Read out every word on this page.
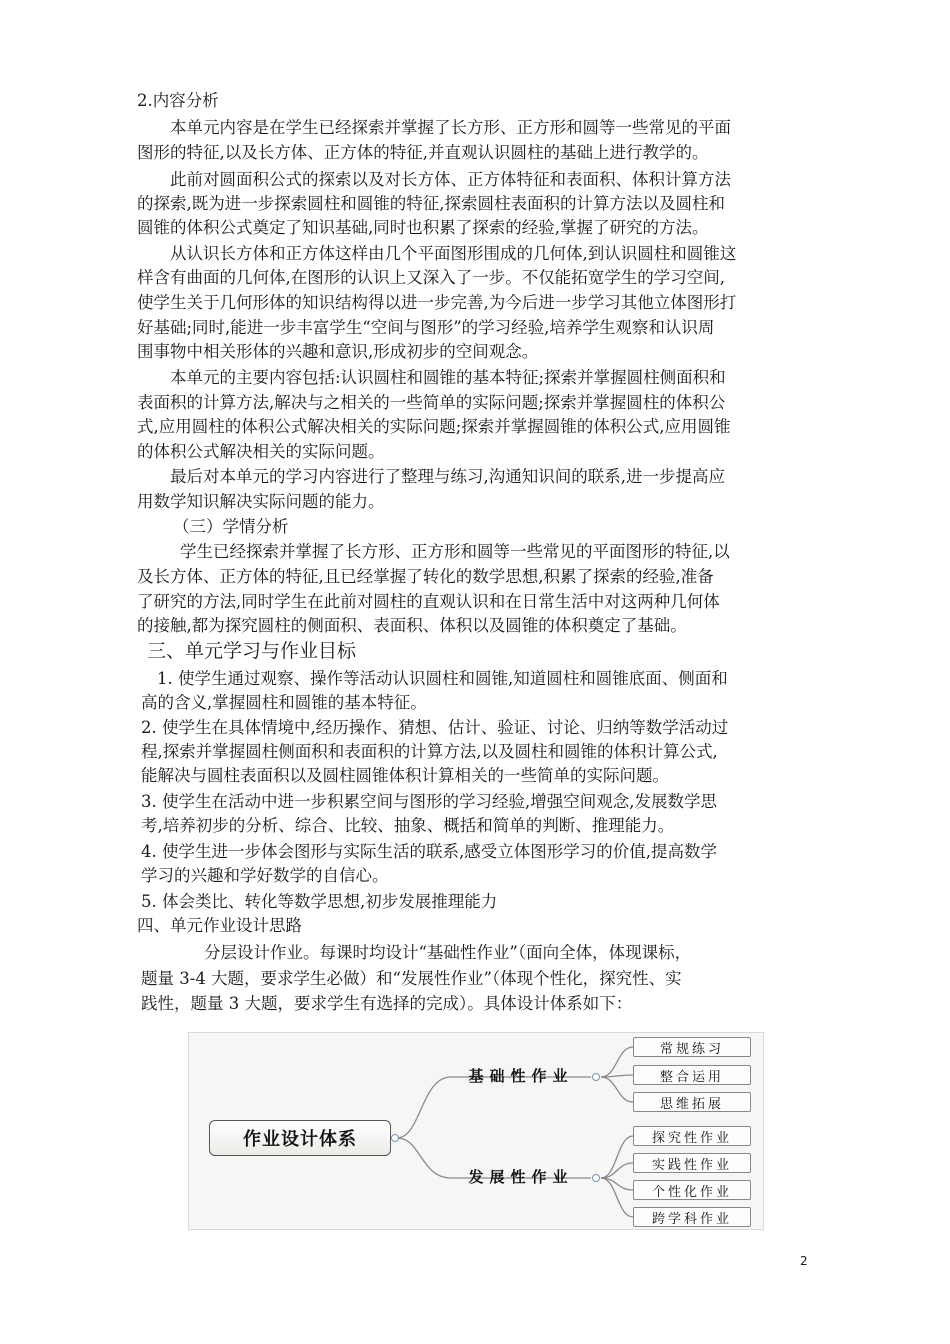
2.内容分析
本单元内容是在学生已经探索并掌握了长方形、正方形和圆等一些常见的平面
图形的特征,以及长方体、正方体的特征,并直观认识圆柱的基础上进行教学的。
此前对圆面积公式的探索以及对长方体、正方体特征和表面积、体积计算方法
的探索,既为进一步探索圆柱和圆锥的特征,探索圆柱表面积的计算方法以及圆柱和
圆锥的体积公式奠定了知识基础,同时也积累了探索的经验,掌握了研究的方法。
从认识长方体和正方体这样由几个平面图形围成的几何体,到认识圆柱和圆锥这
样含有曲面的几何体,在图形的认识上又深入了一步。不仅能拓宽学生的学习空间,
使学生关于几何形体的知识结构得以进一步完善,为今后进一步学习其他立体图形打
好基础;同时,能进一步丰富学生“空间与图形”的学习经验,培养学生观察和认识周
围事物中相关形体的兴趣和意识,形成初步的空间观念。
本单元的主要内容包括:认识圆柱和圆锥的基本特征;探索并掌握圆柱侧面积和
表面积的计算方法,解决与之相关的一些简单的实际问题;探索并掌握圆柱的体积公
式,应用圆柱的体积公式解决相关的实际问题;探索并掌握圆锥的体积公式,应用圆锥
的体积公式解决相关的实际问题。
最后对本单元的学习内容进行了整理与练习,沟通知识间的联系,进一步提高应
用数学知识解决实际问题的能力。
（三）学情分析
学生已经探索并掌握了长方形、正方形和圆等一些常见的平面图形的特征,以
及长方体、正方体的特征,且已经掌握了转化的数学思想,积累了探索的经验,准备
了研究的方法,同时学生在此前对圆柱的直观认识和在日常生活中对这两种几何体
的接触,都为探究圆柱的侧面积、表面积、体积以及圆锥的体积奠定了基础。
三、单元学习与作业目标
1. 使学生通过观察、操作等活动认识圆柱和圆锥,知道圆柱和圆锥底面、侧面和
高的含义,掌握圆柱和圆锥的基本特征。
2. 使学生在具体情境中,经历操作、猜想、估计、验证、讨论、归纳等数学活动过
程,探索并掌握圆柱侧面积和表面积的计算方法,以及圆柱和圆锥的体积计算公式,
能解决与圆柱表面积以及圆柱圆锥体积计算相关的一些简单的实际问题。
3. 使学生在活动中进一步积累空间与图形的学习经验,增强空间观念,发展数学思
考,培养初步的分析、综合、比较、抽象、概括和简单的判断、推理能力。
4. 使学生进一步体会图形与实际生活的联系,感受立体图形学习的价值,提高数学
学习的兴趣和学好数学的自信心。
5. 体会类比、转化等数学思想,初步发展推理能力
四、单元作业设计思路
分层设计作业。每课时均设计“基础性作业”（面向全体，体现课标，
题量 3-4 大题，要求学生必做）和“发展性作业”（体现个性化，探究性、实
践性，题量 3 大题，要求学生有选择的完成）。具体设计体系如下：
作业设计体系
基础性作业
发展性作业
常规练习
整合运用
思维拓展
探究性作业
实践性作业
个性化作业
跨学科作业
2
